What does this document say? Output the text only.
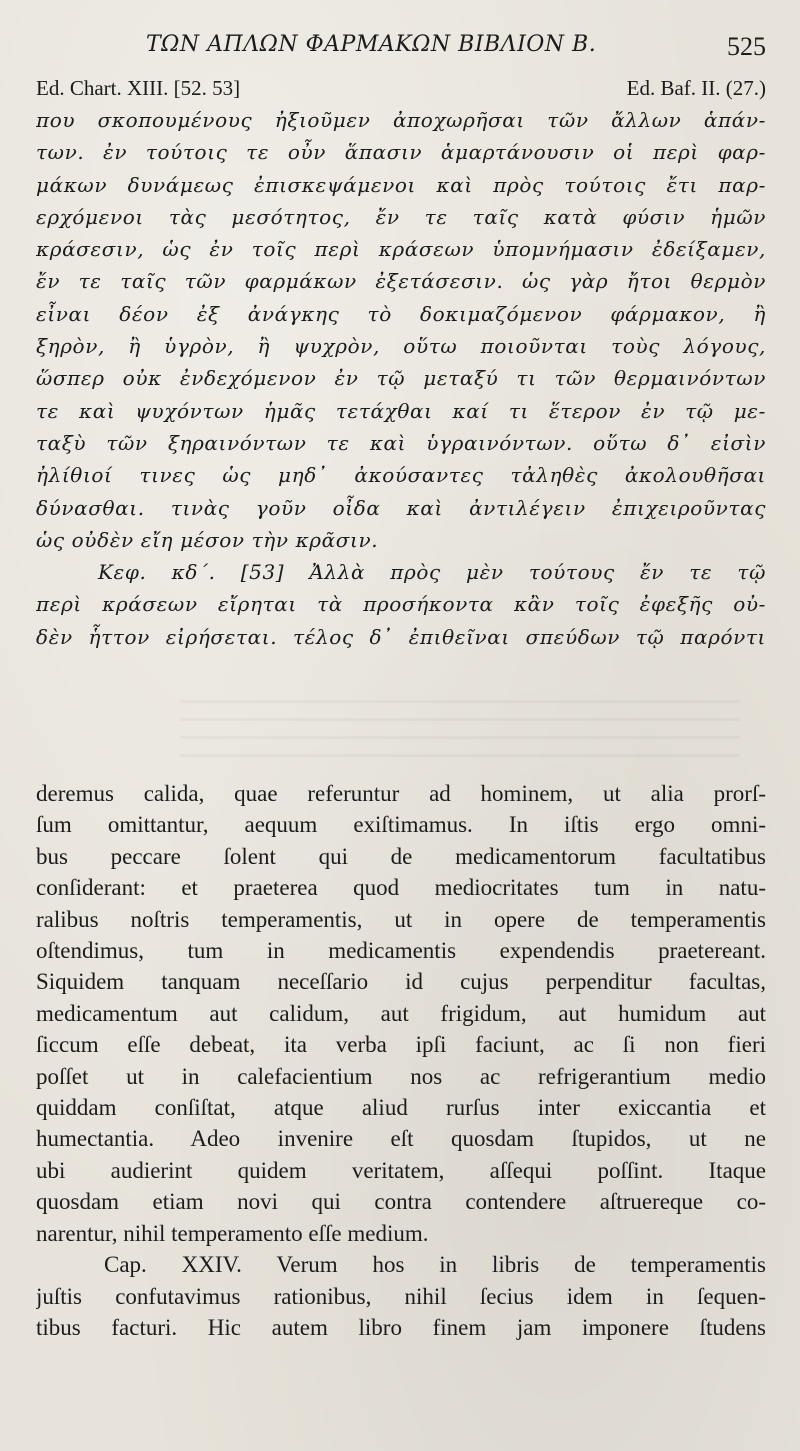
ΤΩΝ ΑΠΛΩΝ ΦΑΡΜΑΚΩΝ ΒΙΒΛΙΟΝ Β.	525
Ed. Chart. XIII. [52. 53]	Ed. Baf. II. (27.)
που σκοπουμένους ἠξιοῦμεν ἀποχωρῆσαι τῶν ἄλλων ἁπάν-
των. ἐν τούτοις τε οὖν ἅπασιν ἁμαρτάνουσιν οἱ περὶ φαρ-
μάκων δυνάμεως ἐπισκεψάμενοι καὶ πρὸς τούτοις ἔτι παρ-
ερχόμενοι τὰς μεσότητος, ἔν τε ταῖς κατὰ φύσιν ἡμῶν
κράσεσιν, ὡς ἐν τοῖς περὶ κράσεων ὑπομνήμασιν ἐδείξαμεν,
ἔν τε ταῖς τῶν φαρμάκων ἐξετάσεσιν. ὡς γὰρ ἤτοι θερμὸν
εἶναι δέον ἐξ ἀνάγκης τὸ δοκιμαζόμενον φάρμακον, ἢ
ξηρὸν, ἢ ὑγρὸν, ἢ ψυχρὸν, οὕτω ποιοῦνται τοὺς λόγους,
ὥσπερ οὐκ ἐνδεχόμενον ἐν τῷ μεταξύ τι τῶν θερμαινόντων
τε καὶ ψυχόντων ἡμᾶς τετάχθαι καί τι ἕτερον ἐν τῷ με-
ταξὺ τῶν ξηραινόντων τε καὶ ὑγραινόντων. οὕτω δ᾽ εἰσὶν
ἠλίθιοί τινες ὡς μηδ᾽ ἀκούσαντες τἀληθὲς ἀκολουθῆσαι
δύνασθαι. τινὰς γοῦν οἶδα καὶ ἀντιλέγειν ἐπιχειροῦντας
ὡς οὐδὲν εἴη μέσον τὴν κρᾶσιν.
Κεφ. κδ΄. [53] Ἀλλὰ πρὸς μὲν τούτους ἔν τε τῷ
περὶ κράσεων εἴρηται τὰ προσήκοντα κἂν τοῖς ἐφεξῆς οὐ-
δὲν ἧττον εἰρήσεται. τέλος δ᾽ ἐπιθεῖναι σπεύδων τῷ παρόντι
deremus calida, quae referuntur ad hominem, ut alia prorſ-
ſum omittantur, aequum exiſtimamus. In iſtis ergo omni-
bus peccare ſolent qui de medicamentorum facultatibus
conſiderant: et praeterea quod mediocritates tum in natu-
ralibus noſtris temperamentis, ut in opere de temperamentis
oſtendimus, tum in medicamentis expendendis praetereant.
Siquidem tanquam neceſſario id cujus perpenditur facultas,
medicamentum aut calidum, aut frigidum, aut humidum aut
ſiccum eſſe debeat, ita verba ipſi faciunt, ac ſi non fieri
poſſet ut in calefacientium nos ac refrigerantium medio
quiddam conſiſtat, atque aliud rurſus inter exiccantia et
humectantia. Adeo invenire eſt quosdam ſtupidos, ut ne
ubi audierint quidem veritatem, aſſequi poſſint. Itaque
quosdam etiam novi qui contra contendere aſtruereque co-
narentur, nihil temperamento eſſe medium.
Cap. XXIV. Verum hos in libris de temperamentis
juſtis confutavimus rationibus, nihil ſecius idem in ſequen-
tibus facturi. Hic autem libro finem jam imponere ſtudens
